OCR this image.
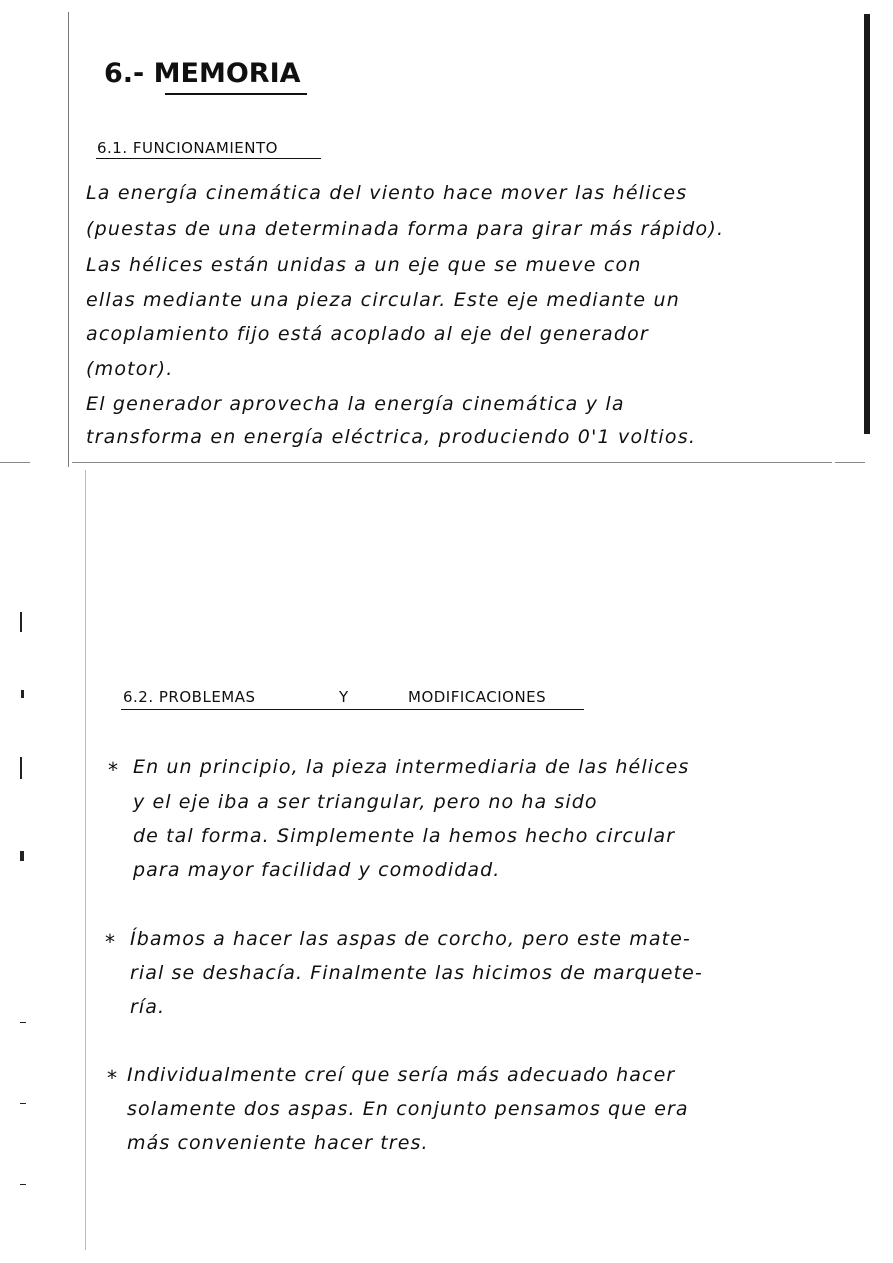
6.- MEMORIA
6.1. FUNCIONAMIENTO
La energía cinemática del viento hace mover las hélices
(puestas de una determinada forma para girar más rápido).
Las hélices están unidas a un eje que se mueve con
ellas mediante una pieza circular. Este eje mediante un
acoplamiento fijo está acoplado al eje del generador
(motor).
El generador aprovecha la energía cinemática y la
transforma en energía eléctrica, produciendo 0'1 voltios.
6.2. PROBLEMAS	Y	MODIFICACIONES
* En un principio, la pieza intermediaria de las hélices
y el eje iba a ser triangular, pero no ha sido
de tal forma. Simplemente la hemos hecho circular
para mayor facilidad y comodidad.
* Íbamos a hacer las aspas de corcho, pero este mate-
rial se deshacía. Finalmente las hicimos de marquete-
ría.
* Individualmente creí que sería más adecuado hacer
solamente dos aspas. En conjunto pensamos que era
más conveniente hacer tres.
